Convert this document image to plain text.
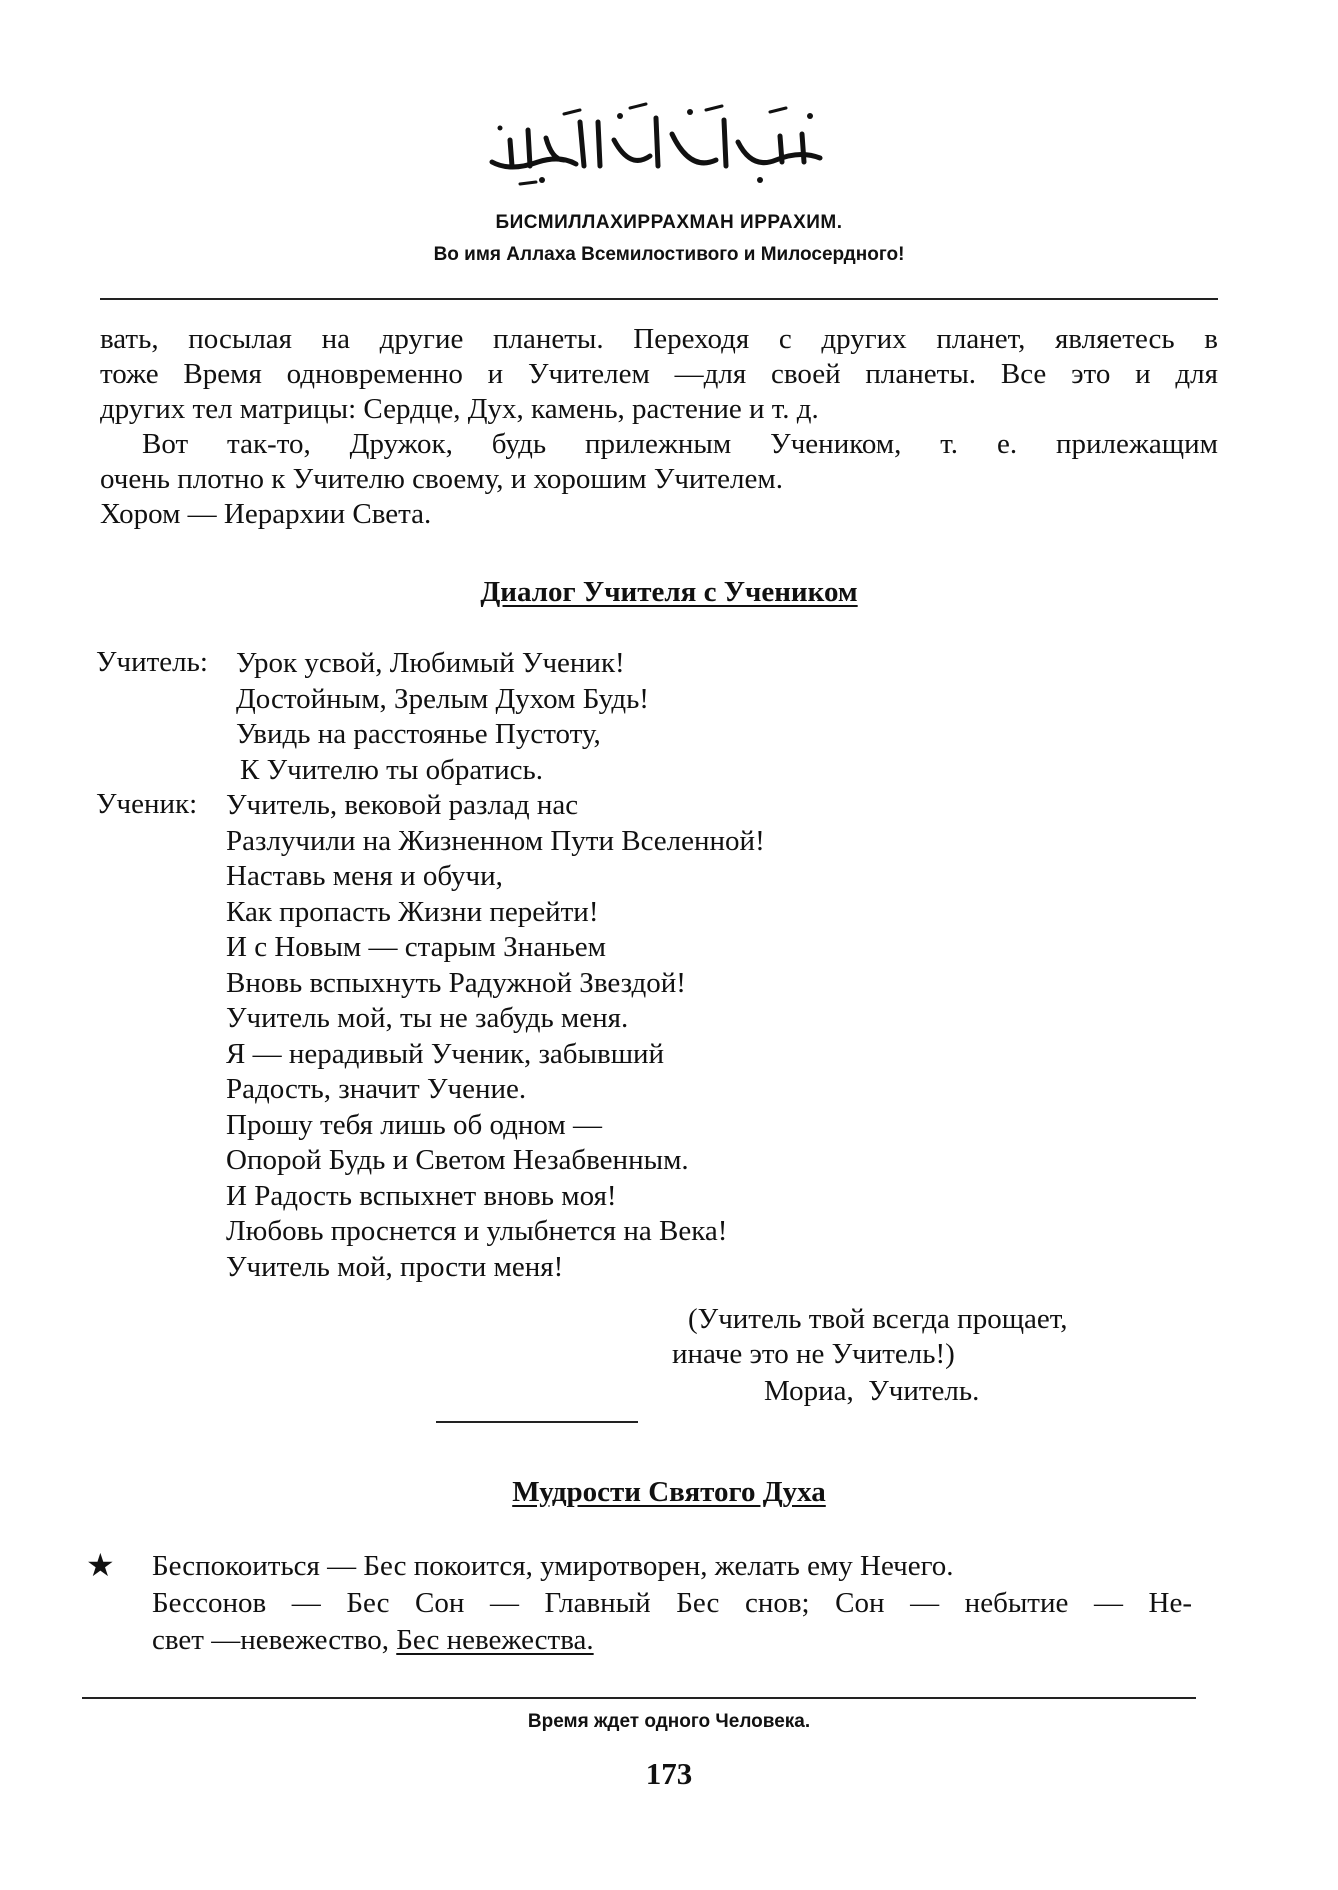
БИСМИЛЛАХИРРАХМАН ИРРАХИМ.
Во имя Аллаха Всемилостивого и Милосердного!
вать, посылая на другие планеты. Переходя с других планет, являетесь в
тоже Время одновременно и Учителем —для своей планеты. Все это и для
других тел матрицы: Сердце, Дух, камень, растение и т. д.
Вот так-то, Дружок, будь прилежным Учеником, т. е. прилежащим
очень плотно к Учителю своему, и хорошим Учителем.
Хором — Иерархии Света.
Диалог Учителя с Учеником
Учитель: Урок усвой, Любимый Ученик!
Достойным, Зрелым Духом Будь!
Увидь на расстоянье Пустоту,
К Учителю ты обратись.
Ученик: Учитель, вековой разлад нас
Разлучили на Жизненном Пути Вселенной!
Наставь меня и обучи,
Как пропасть Жизни перейти!
И с Новым — старым Знаньем
Вновь вспыхнуть Радужной Звездой!
Учитель мой, ты не забудь меня.
Я — нерадивый Ученик, забывший
Радость, значит Учение.
Прошу тебя лишь об одном —
Опорой Будь и Светом Незабвенным.
И Радость вспыхнет вновь моя!
Любовь проснется и улыбнется на Века!
Учитель мой, прости меня!
(Учитель твой всегда прощает,
иначе это не Учитель!)
Мориа,  Учитель.
Мудрости Святого Духа
★ Беспокоиться — Бес покоится, умиротворен, желать ему Нечего.
Бессонов — Бес Сон — Главный Бес снов; Сон — небытие — Не-
свет —невежество, Бес невежества.
Время ждет одного Человека.
173
